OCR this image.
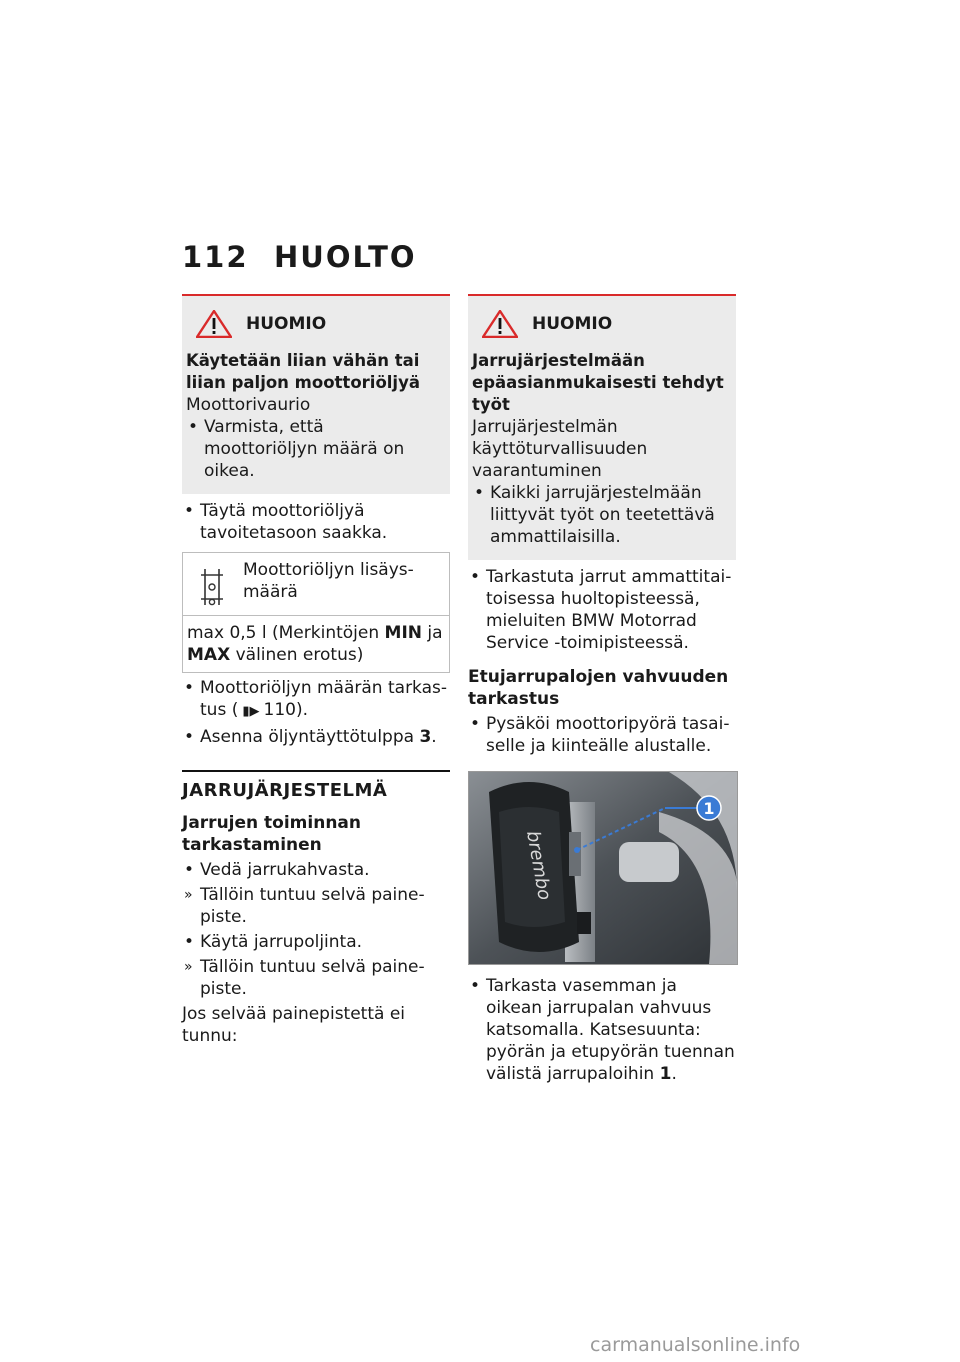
112 HUOLTO
HUOMIO

Käytetään liian vähän tai liian paljon moottoriöljyä

Moottorivaurio

• Varmista, että moottoriöljyn määrä on oikea.

• Täytä moottoriöljyä tavoitetasoon saakka.

Moottoriöljyn lisäysmäärä
max 0,5 l (Merkintöjen MIN ja MAX välinen erotus)

• Moottoriöljyn määrän tarkastus ( ▮▶ 110).

• Asenna öljyntäyttötulppa 3.

JARRUJÄRJESTELMÄ
Jarrujen toiminnan tarkastaminen

• Vedä jarrukahvasta.

» Tällöin tuntuu selvä painepiste.

• Käytä jarrupoljinta.

» Tällöin tuntuu selvä painepiste.

Jos selvää painepistettä ei tunnu:

HUOMIO

Jarrujärjestelmään epäasianmukaisesti tehdyt työt

Jarrujärjestelmän käyttöturvallisuuden vaarantuminen

• Kaikki jarrujärjestelmään liittyvät työt on teetettävä ammattilaisilla.

• Tarkastuta jarrut ammattitaitoisessa huoltopisteessä, mieluiten BMW Motorrad Service -toimipisteessä.

Etujarrupalojen vahvuuden tarkastus

• Pysäköi moottoripyörä tasaiselle ja kiinteälle alustalle.

brembo
1

• Tarkasta vasemman ja oikean jarrupalan vahvuus katsomalla. Katsesuunta: pyörän ja etupyörän tuennan välistä jarrupaloihin 1.

carmanualsonline.info
